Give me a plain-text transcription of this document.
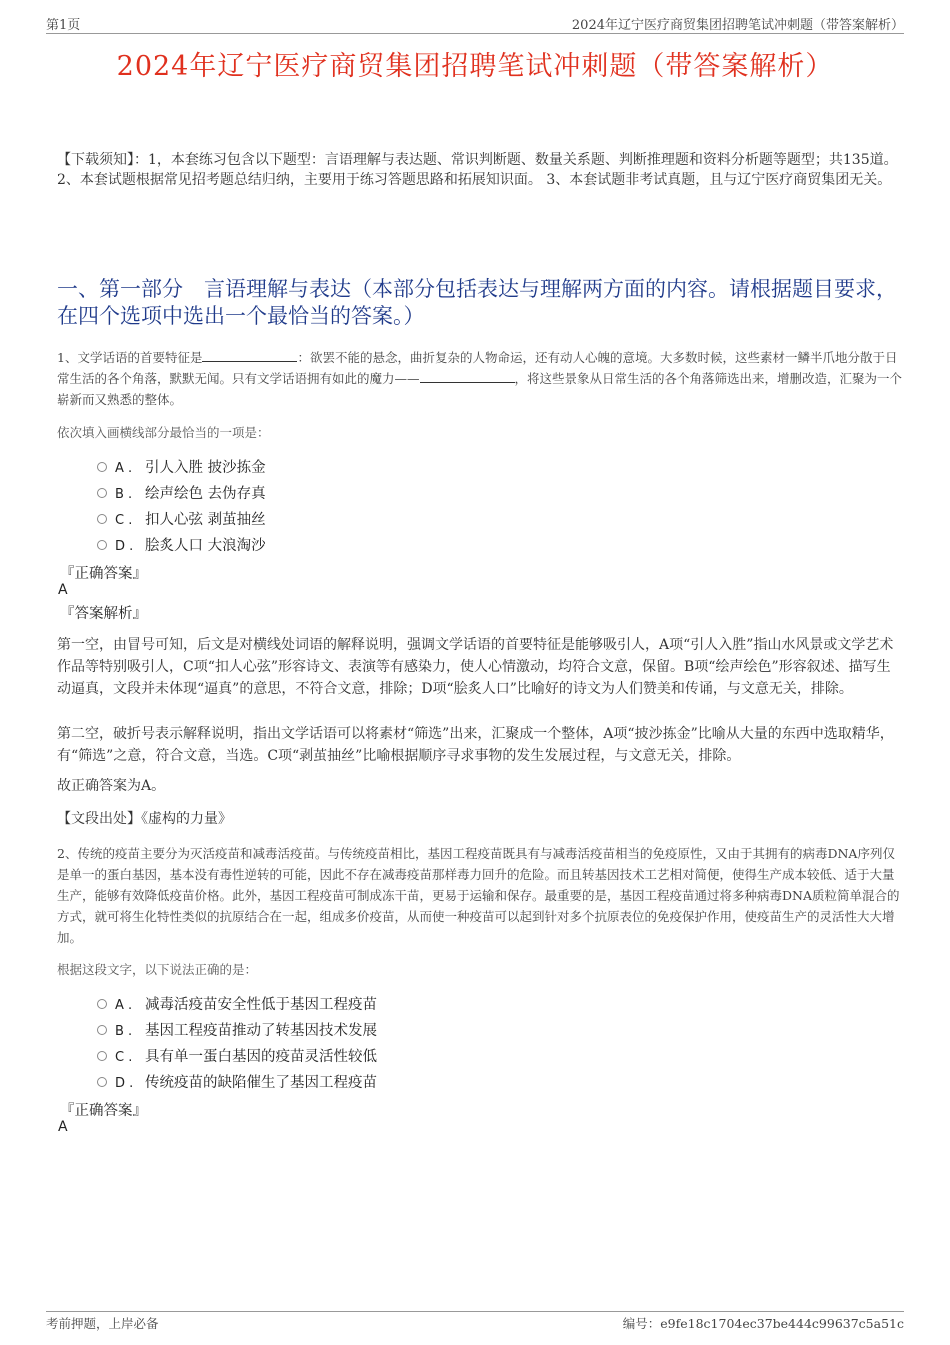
第1页	2024年辽宁医疗商贸集团招聘笔试冲刺题（带答案解析）
2024年辽宁医疗商贸集团招聘笔试冲刺题（带答案解析）
【下载须知】：1，本套练习包含以下题型：言语理解与表达题、常识判断题、数量关系题、判断推理题和资料分析题等题型；共135道。 2、本套试题根据常见招考题总结归纳，主要用于练习答题思路和拓展知识面。 3、本套试题非考试真题，且与辽宁医疗商贸集团无关。
一、第一部分　言语理解与表达（本部分包括表达与理解两方面的内容。请根据题目要求，在四个选项中选出一个最恰当的答案。）
1、文学话语的首要特征是	：欲罢不能的悬念，曲折复杂的人物命运，还有动人心魄的意境。大多数时候，这些素材一鳞半爪地分散于日常生活的各个角落，默默无闻。只有文学话语拥有如此的魔力——	，将这些景象从日常生活的各个角落筛选出来，增删改造，汇聚为一个崭新而又熟悉的整体。
依次填入画横线部分最恰当的一项是：
A . 引人入胜 披沙拣金
B . 绘声绘色 去伪存真
C . 扣人心弦 剥茧抽丝
D . 脍炙人口 大浪淘沙
『正确答案』
A
『答案解析』
第一空，由冒号可知，后文是对横线处词语的解释说明，强调文学话语的首要特征是能够吸引人，A项“引人入胜”指山水风景或文学艺术作品等特别吸引人，C项“扣人心弦”形容诗文、表演等有感染力，使人心情激动，均符合文意，保留。B项“绘声绘色”形容叙述、描写生动逼真，文段并未体现“逼真”的意思，不符合文意，排除；D项“脍炙人口”比喻好的诗文为人们赞美和传诵，与文意无关，排除。
第二空，破折号表示解释说明，指出文学话语可以将素材“筛选”出来，汇聚成一个整体，A项“披沙拣金”比喻从大量的东西中选取精华，有“筛选”之意，符合文意，当选。C项“剥茧抽丝”比喻根据顺序寻求事物的发生发展过程，与文意无关，排除。
故正确答案为A。
【文段出处】《虚构的力量》
2、传统的疫苗主要分为灭活疫苗和减毒活疫苗。与传统疫苗相比，基因工程疫苗既具有与减毒活疫苗相当的免疫原性，又由于其拥有的病毒DNA序列仅是单一的蛋白基因，基本没有毒性逆转的可能，因此不存在减毒疫苗那样毒力回升的危险。而且转基因技术工艺相对简便，使得生产成本较低、适于大量生产，能够有效降低疫苗价格。此外，基因工程疫苗可制成冻干苗，更易于运输和保存。最重要的是，基因工程疫苗通过将多种病毒DNA质粒简单混合的方式，就可将生化特性类似的抗原结合在一起，组成多价疫苗，从而使一种疫苗可以起到针对多个抗原表位的免疫保护作用，使疫苗生产的灵活性大大增加。
根据这段文字，以下说法正确的是：
A . 减毒活疫苗安全性低于基因工程疫苗
B . 基因工程疫苗推动了转基因技术发展
C . 具有单一蛋白基因的疫苗灵活性较低
D . 传统疫苗的缺陷催生了基因工程疫苗
『正确答案』
A
考前押题，上岸必备	编号：e9fe18c1704ec37be444c99637c5a51c
